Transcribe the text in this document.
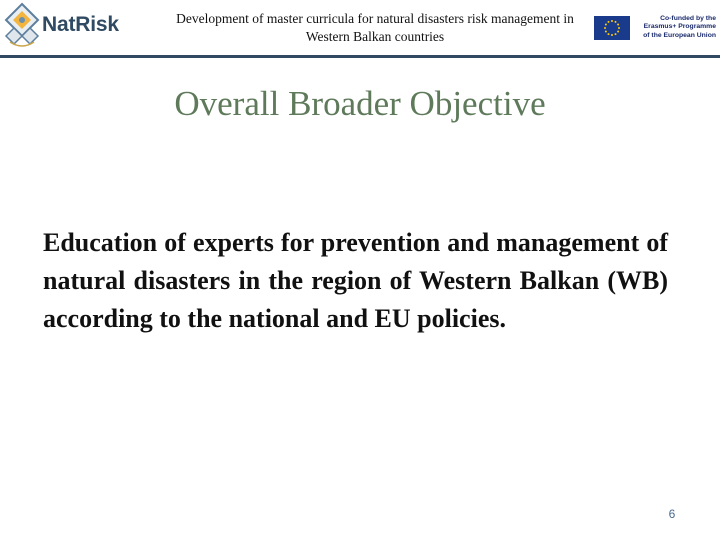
NatRisk	Development of master curricula for natural disasters risk management in
Western Balkan countries
Co-funded by the
Erasmus+ Programme
of the European Union
Overall Broader Objective

Education of experts for prevention and management of natural disasters in the region of Western Balkan (WB) according to the national and EU policies.

6
